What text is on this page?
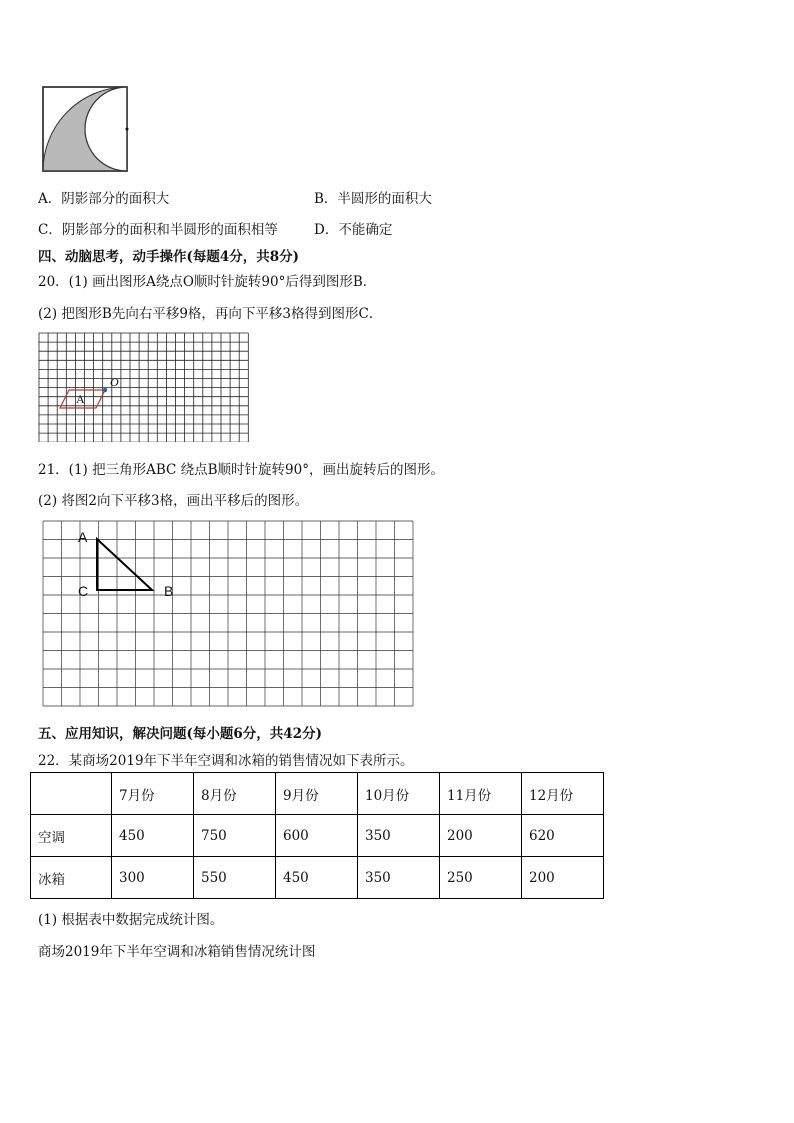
A．阴影部分的面积大	B．半圆形的面积大
C．阴影部分的面积和半圆形的面积相等	D．不能确定
四、动脑思考，动手操作(每题4分，共8分)
20．(1) 画出图形A绕点O顺时针旋转90°后得到图形B．
(2) 把图形B先向右平移9格，再向下平移3格得到图形C．
O
A
21．(1) 把三角形ABC 绕点B顺时针旋转90°，画出旋转后的图形。
(2) 将图2向下平移3格，画出平移后的图形。
A
C	B
五、应用知识，解决问题(每小题6分，共42分)
22．某商场2019年下半年空调和冰箱的销售情况如下表所示。
	7月份	8月份	9月份	10月份	11月份	12月份
空调	450	750	600	350	200	620
冰箱	300	550	450	350	250	200
(1) 根据表中数据完成统计图。
商场2019年下半年空调和冰箱销售情况统计图
